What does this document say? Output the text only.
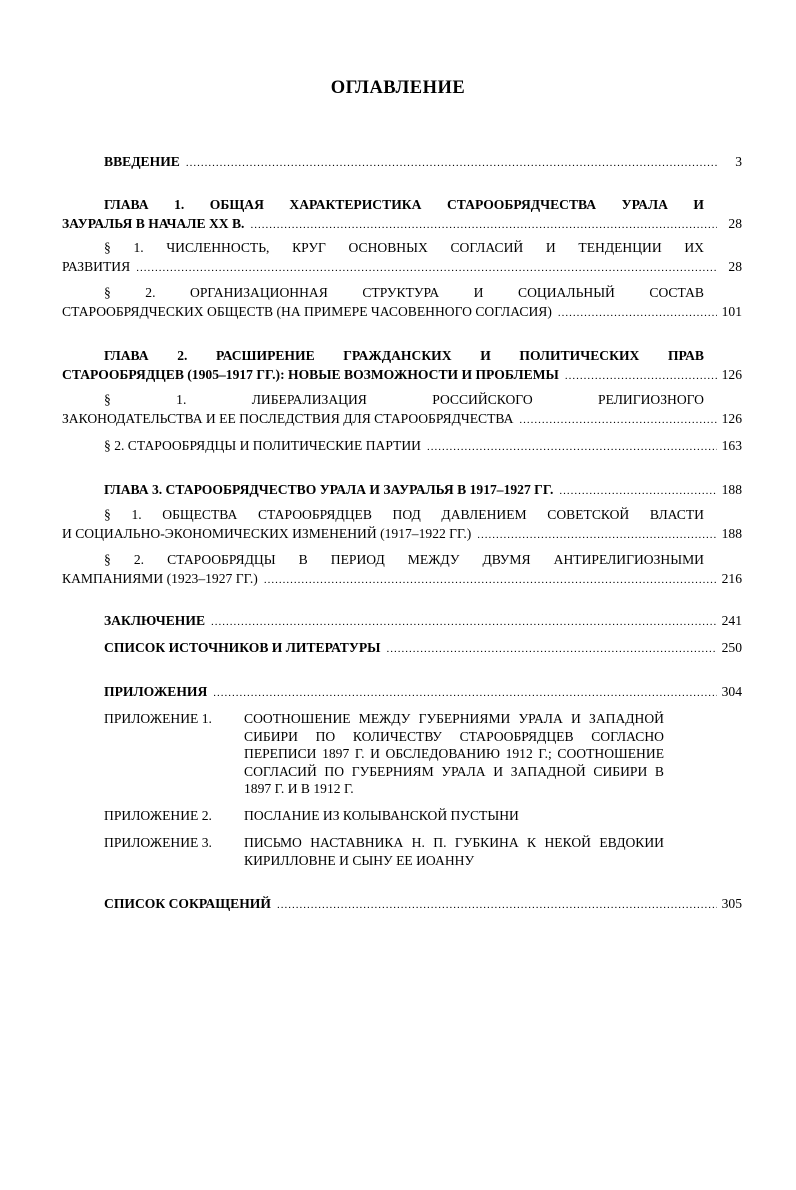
ОГЛАВЛЕНИЕ
ВВЕДЕНИЕ .....	3
ГЛАВА 1. ОБЩАЯ ХАРАКТЕРИСТИКА СТАРООБРЯДЧЕСТВА УРАЛА И
ЗАУРАЛЬЯ В НАЧАЛЕ XX В. .....	28
§ 1. ЧИСЛЕННОСТЬ, КРУГ ОСНОВНЫХ СОГЛАСИЙ И ТЕНДЕНЦИИ ИХ
РАЗВИТИЯ .....	28
§ 2. ОРГАНИЗАЦИОННАЯ СТРУКТУРА И СОЦИАЛЬНЫЙ СОСТАВ
СТАРООБРЯДЧЕСКИХ ОБЩЕСТВ (НА ПРИМЕРЕ ЧАСОВЕННОГО СОГЛАСИЯ) .....	101
ГЛАВА 2. РАСШИРЕНИЕ ГРАЖДАНСКИХ И ПОЛИТИЧЕСКИХ ПРАВ
СТАРООБРЯДЦЕВ (1905–1917 ГГ.): НОВЫЕ ВОЗМОЖНОСТИ И ПРОБЛЕМЫ .....	126
§ 1. ЛИБЕРАЛИЗАЦИЯ РОССИЙСКОГО РЕЛИГИОЗНОГО
ЗАКОНОДАТЕЛЬСТВА И ЕЕ ПОСЛЕДСТВИЯ ДЛЯ СТАРООБРЯДЧЕСТВА .....	126
§ 2. СТАРООБРЯДЦЫ И ПОЛИТИЧЕСКИЕ ПАРТИИ .....	163
ГЛАВА 3. СТАРООБРЯДЧЕСТВО УРАЛА И ЗАУРАЛЬЯ В 1917–1927 ГГ. .....	188
§ 1. ОБЩЕСТВА СТАРООБРЯДЦЕВ ПОД ДАВЛЕНИЕМ СОВЕТСКОЙ ВЛАСТИ
И СОЦИАЛЬНО-ЭКОНОМИЧЕСКИХ ИЗМЕНЕНИЙ (1917–1922 ГГ.) .....	188
§ 2. СТАРООБРЯДЦЫ В ПЕРИОД МЕЖДУ ДВУМЯ АНТИРЕЛИГИОЗНЫМИ
КАМПАНИЯМИ (1923–1927 ГГ.) .....	216
ЗАКЛЮЧЕНИЕ .....	241
СПИСОК ИСТОЧНИКОВ И ЛИТЕРАТУРЫ .....	250
ПРИЛОЖЕНИЯ .....	304
ПРИЛОЖЕНИЕ 1.	СООТНОШЕНИЕ МЕЖДУ ГУБЕРНИЯМИ УРАЛА И ЗАПАДНОЙ СИБИРИ ПО КОЛИЧЕСТВУ СТАРООБРЯДЦЕВ СОГЛАСНО ПЕРЕПИСИ 1897 Г. И ОБСЛЕДОВАНИЮ 1912 Г.; СООТНОШЕНИЕ СОГЛАСИЙ ПО ГУБЕРНИЯМ УРАЛА И ЗАПАДНОЙ СИБИРИ В 1897 Г. И В 1912 Г.
ПРИЛОЖЕНИЕ 2.	ПОСЛАНИЕ ИЗ КОЛЫВАНСКОЙ ПУСТЫНИ
ПРИЛОЖЕНИЕ 3.	ПИСЬМО НАСТАВНИКА Н. П. ГУБКИНА К НЕКОЙ ЕВДОКИИ КИРИЛЛОВНЕ И СЫНУ ЕЕ ИОАННУ
СПИСОК СОКРАЩЕНИЙ .....	305
